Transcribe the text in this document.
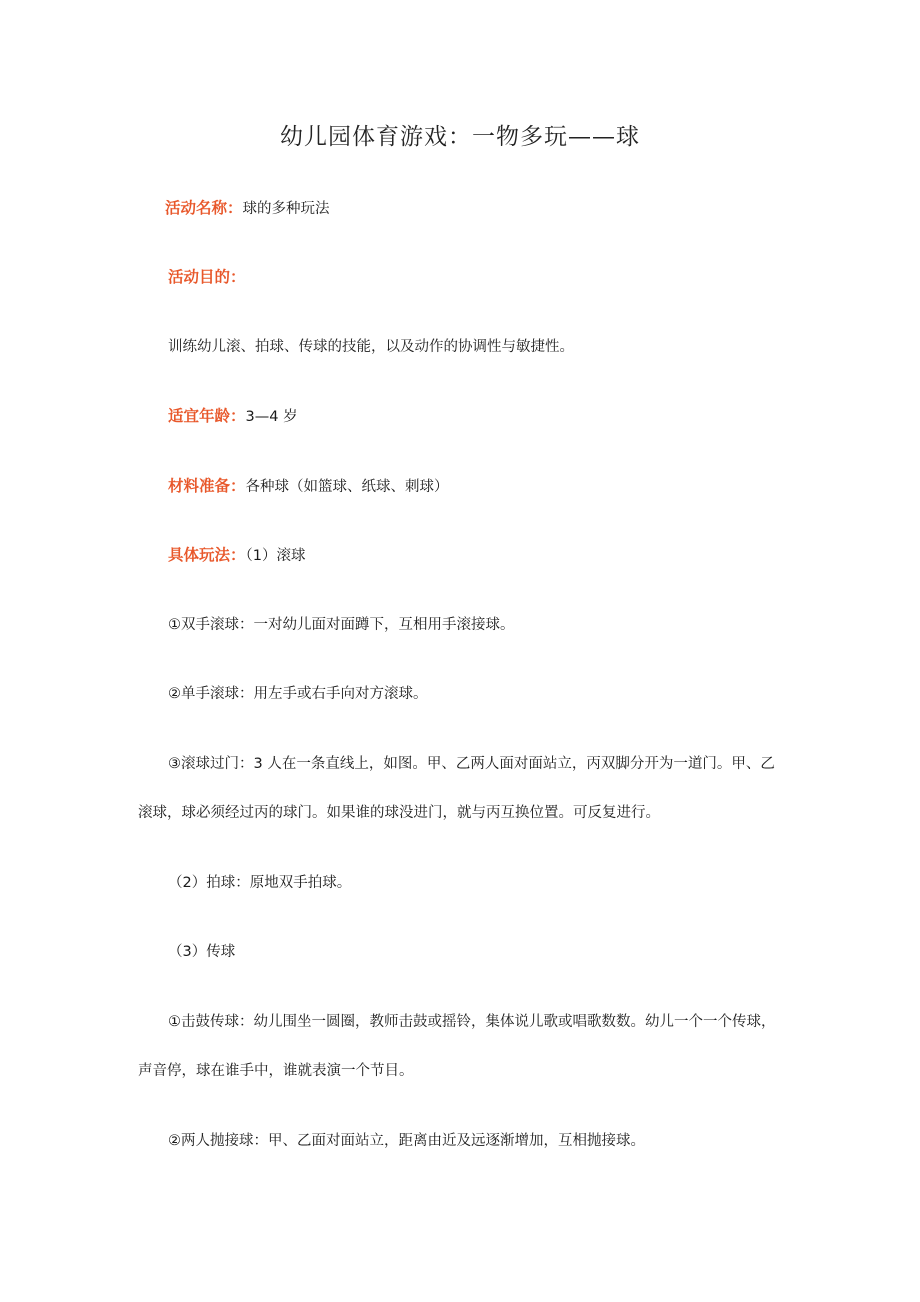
幼儿园体育游戏：一物多玩——球
活动名称：球的多种玩法
活动目的：
训练幼儿滚、拍球、传球的技能，以及动作的协调性与敏捷性。
适宜年龄：3—4 岁
材料准备：各种球（如篮球、纸球、刺球）
具体玩法：（1）滚球
①双手滚球：一对幼儿面对面蹲下，互相用手滚接球。
②单手滚球：用左手或右手向对方滚球。
③滚球过门：3 人在一条直线上，如图。甲、乙两人面对面站立，丙双脚分开为一道门。甲、乙
滚球，球必须经过丙的球门。如果谁的球没进门，就与丙互换位置。可反复进行。
（2）拍球：原地双手拍球。
（3）传球
①击鼓传球：幼儿围坐一圆圈，教师击鼓或摇铃，集体说儿歌或唱歌数数。幼儿一个一个传球，
声音停，球在谁手中，谁就表演一个节目。
②两人抛接球：甲、乙面对面站立，距离由近及远逐渐增加，互相抛接球。
